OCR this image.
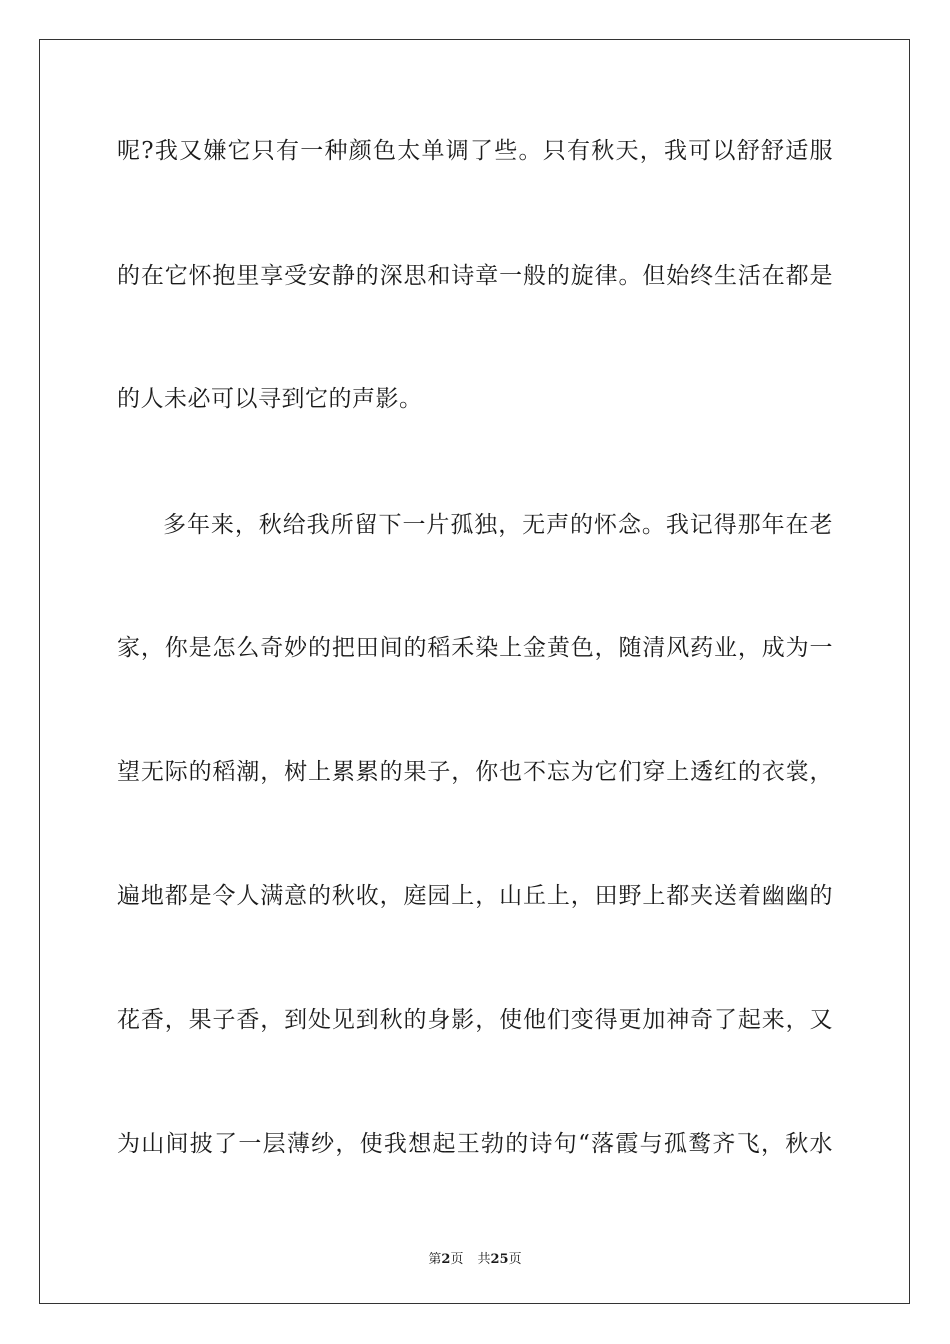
呢?我又嫌它只有一种颜色太单调了些。只有秋天，我可以舒舒适服
的在它怀抱里享受安静的深思和诗章一般的旋律。但始终生活在都是
的人未必可以寻到它的声影。
多年来，秋给我所留下一片孤独，无声的怀念。我记得那年在老
家，你是怎么奇妙的把田间的稻禾染上金黄色，随清风药业，成为一
望无际的稻潮，树上累累的果子，你也不忘为它们穿上透红的衣裳，
遍地都是令人满意的秋收，庭园上，山丘上，田野上都夹送着幽幽的
花香，果子香，到处见到秋的身影，使他们变得更加神奇了起来，又
为山间披了一层薄纱，使我想起王勃的诗句“落霞与孤鹜齐飞，秋水
第2页 共25页
